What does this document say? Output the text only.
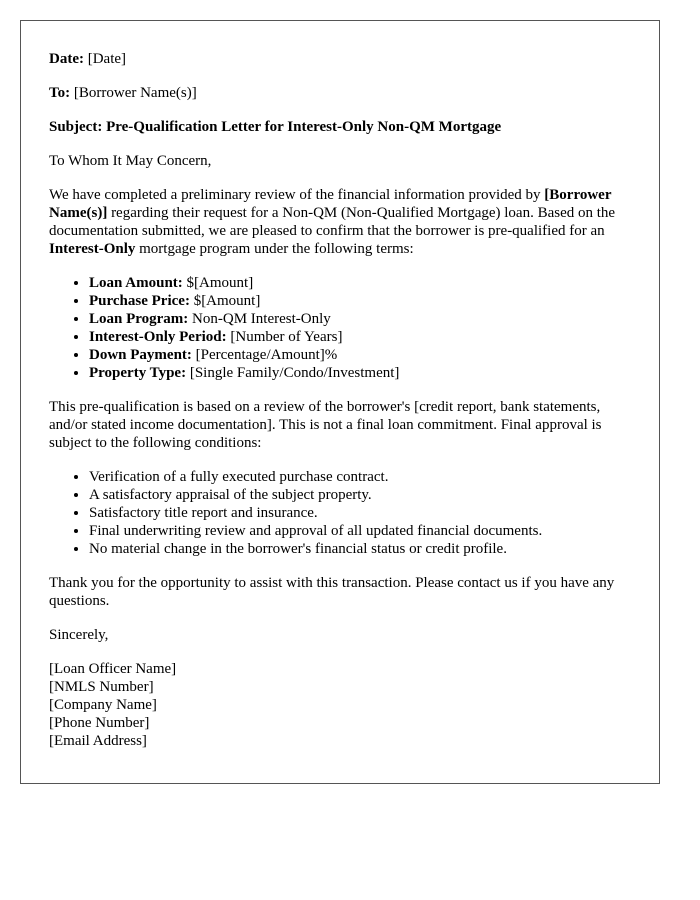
Date: [Date]

To: [Borrower Name(s)]

Subject: Pre-Qualification Letter for Interest-Only Non-QM Mortgage

To Whom It May Concern,

We have completed a preliminary review of the financial information provided by [Borrower Name(s)] regarding their request for a Non-QM (Non-Qualified Mortgage) loan. Based on the documentation submitted, we are pleased to confirm that the borrower is pre-qualified for an Interest-Only mortgage program under the following terms:

• Loan Amount: $[Amount]
• Purchase Price: $[Amount]
• Loan Program: Non-QM Interest-Only
• Interest-Only Period: [Number of Years]
• Down Payment: [Percentage/Amount]%
• Property Type: [Single Family/Condo/Investment]

This pre-qualification is based on a review of the borrower's [credit report, bank statements, and/or stated income documentation]. This is not a final loan commitment. Final approval is subject to the following conditions:

• Verification of a fully executed purchase contract.
• A satisfactory appraisal of the subject property.
• Satisfactory title report and insurance.
• Final underwriting review and approval of all updated financial documents.
• No material change in the borrower's financial status or credit profile.

Thank you for the opportunity to assist with this transaction. Please contact us if you have any questions.

Sincerely,

[Loan Officer Name]
[NMLS Number]
[Company Name]
[Phone Number]
[Email Address]
